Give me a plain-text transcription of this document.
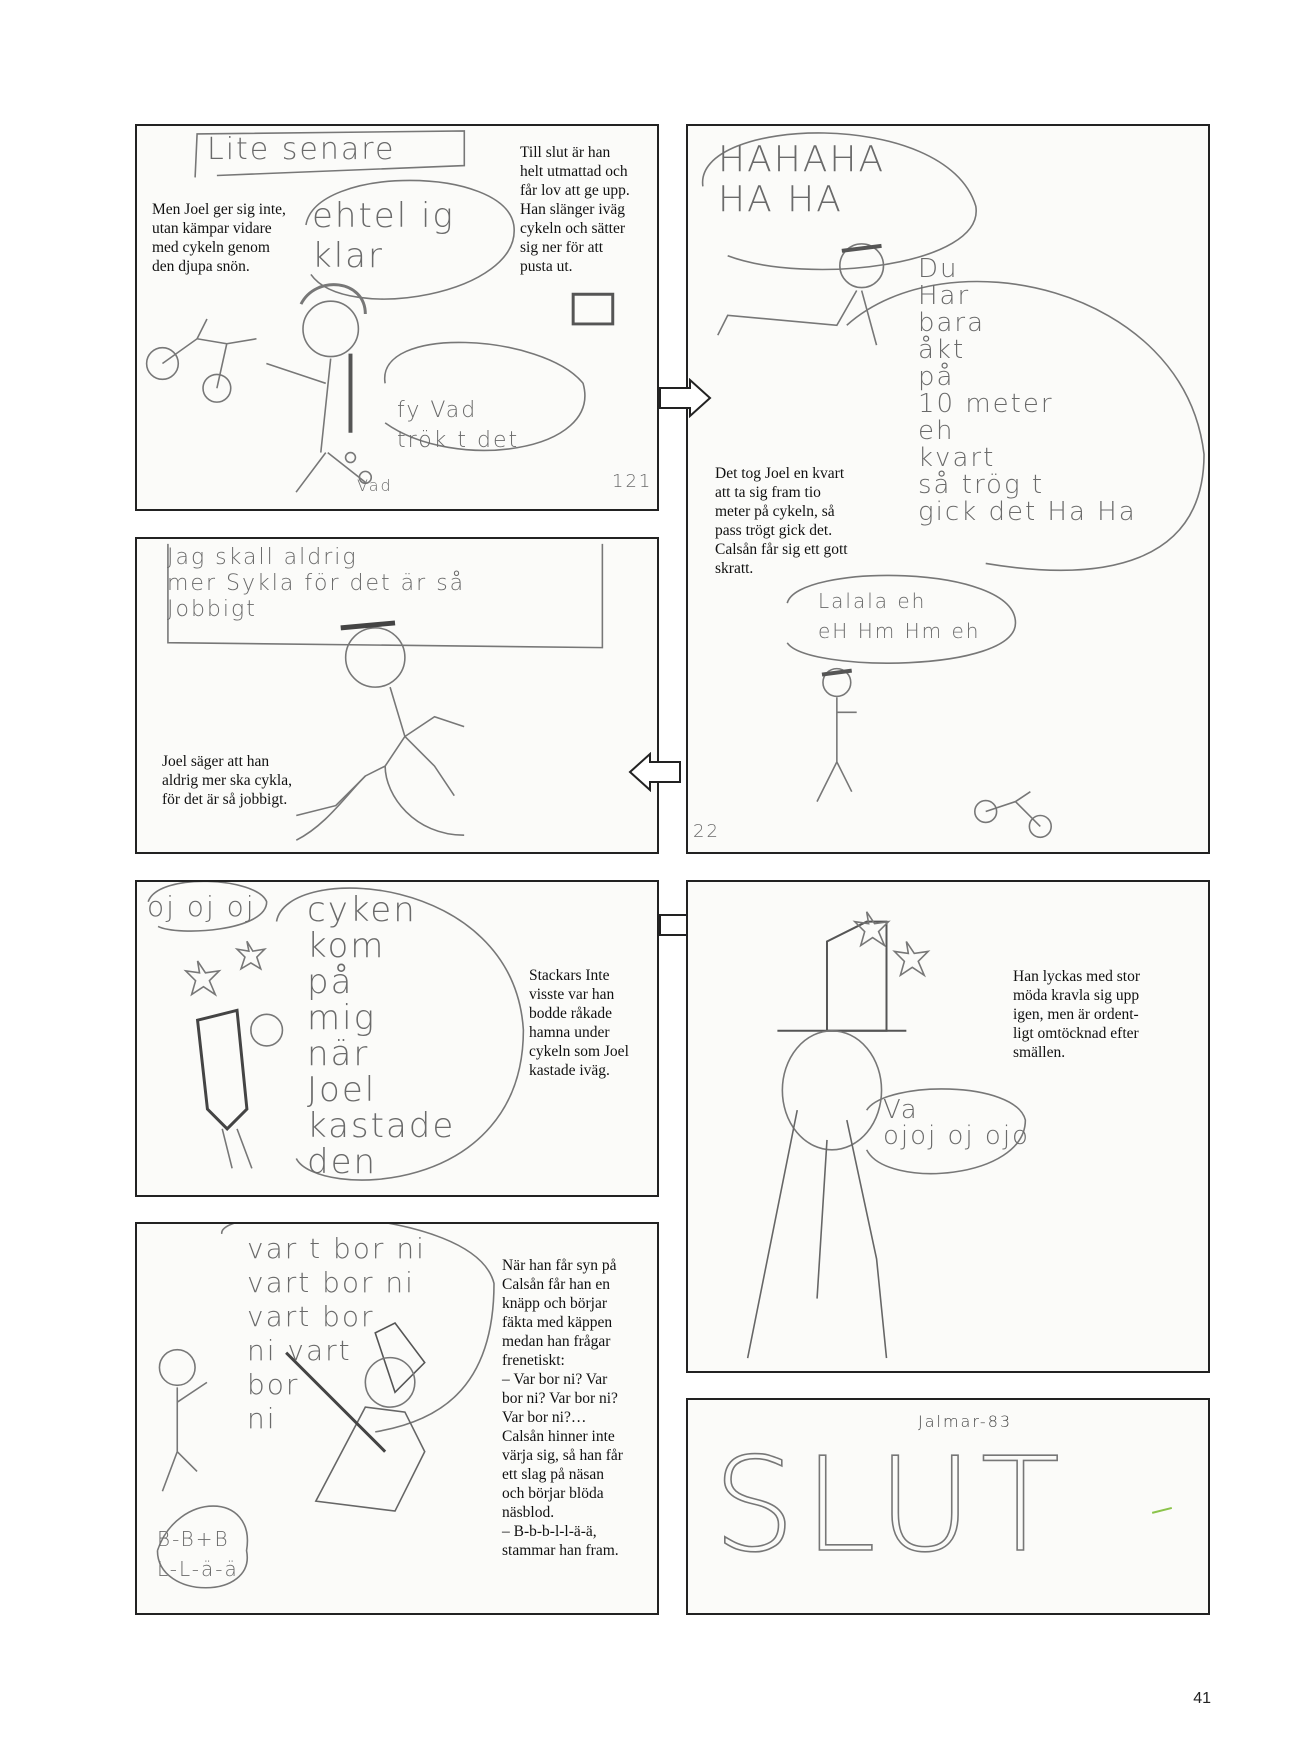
Lite senare
ehtel ig
klar
fy Vad
trök t det
Vad	121
Men Joel ger sig inte,
utan kämpar vidare
med cykeln genom
den djupa snön.
Till slut är han
helt utmattad och
får lov att ge upp.
Han slänger iväg
cykeln och sätter
sig ner för att
pusta ut.
HAHAHA
HA HA
Du
Har
bara
åkt
på
10 meter
eh
kvart
så trög t
gick det Ha Ha
Det tog Joel en kvart
att ta sig fram tio
meter på cykeln, så
pass trögt gick det.
Calsån får sig ett gott
skratt.
Lalala eh
eH Hm Hm eh
22
Jag skall aldrig
mer Sykla för det är så
Jobbigt
Joel säger att han
aldrig mer ska cykla,
för det är så jobbigt.
oj oj oj cyken
kom
på
mig
när
Joel
kastade
den
Stackars Inte
visste var han
bodde råkade
hamna under
cykeln som Joel
kastade iväg.
Han lyckas med stor
möda kravla sig upp
igen, men är ordent-
ligt omtöcknad efter
smällen.
Va
ojoj oj ojo
var t bor ni
vart bor ni
vart bor
ni vart
bor
ni
När han får syn på
Calsån får han en
knäpp och börjar
fäkta med käppen
medan han frågar
frenetiskt:
– Var bor ni? Var
bor ni? Var bor ni?
Var bor ni?…
Calsån hinner inte
värja sig, så han får
ett slag på näsan
och börjar blöda
näsblod.
– B-b-b-l-l-ä-ä,
stammar han fram.
B-B+B
L-L-ä-ä
Jalmar-83
SLUT
41
